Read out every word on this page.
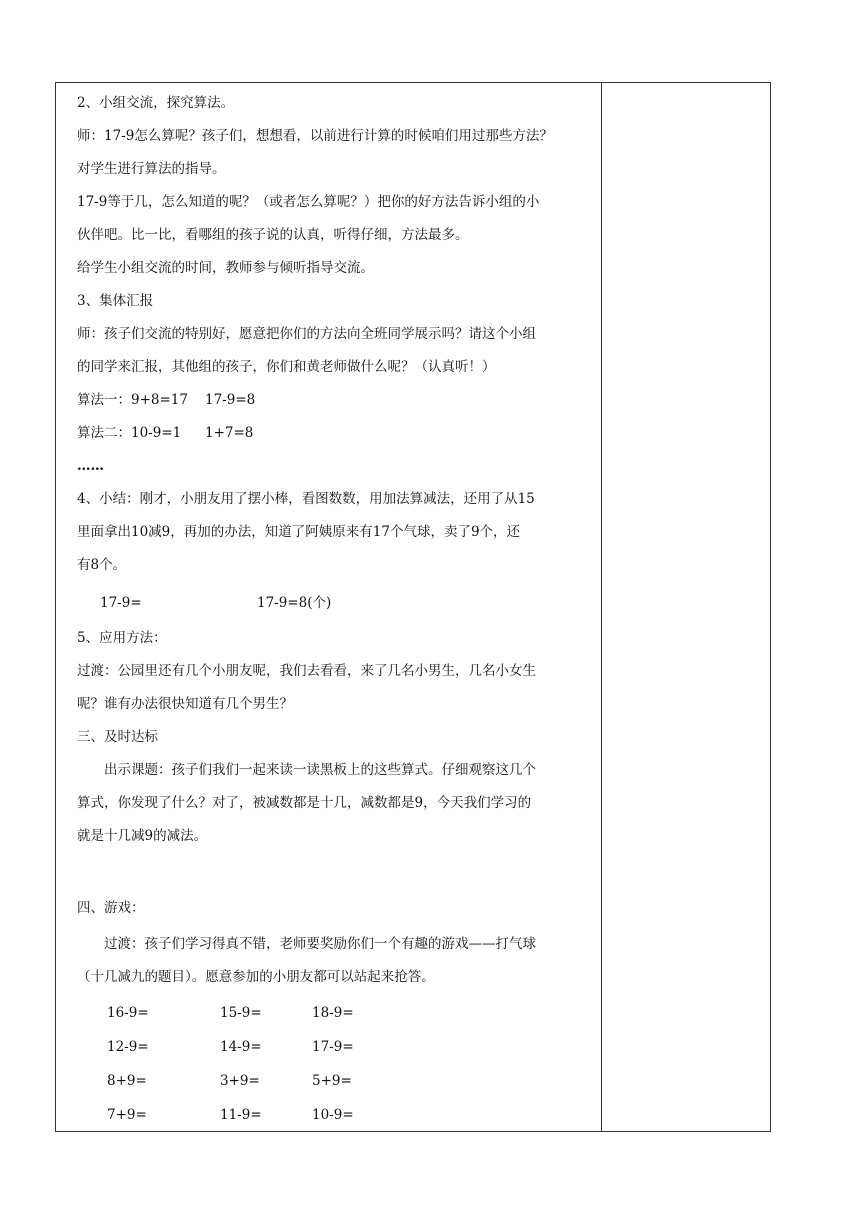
2、小组交流，探究算法。
师：17-9怎么算呢？孩子们，想想看，以前进行计算的时候咱们用过那些方法？
对学生进行算法的指导。
17-9等于几，怎么知道的呢？（或者怎么算呢？）把你的好方法告诉小组的小
伙伴吧。比一比，看哪组的孩子说的认真，听得仔细，方法最多。
给学生小组交流的时间，教师参与倾听指导交流。
3、集体汇报
师：孩子们交流的特别好，愿意把你们的方法向全班同学展示吗？请这个小组
的同学来汇报，其他组的孩子，你们和黄老师做什么呢？（认真听！）
算法一：9+8=17 17-9=8
算法二：10-9=1 1+7=8
……
4、小结：刚才，小朋友用了摆小棒，看图数数，用加法算减法，还用了从15
里面拿出10减9，再加的办法，知道了阿姨原来有17个气球，卖了9个，还
有8个。
17-9=	17-9=8(个)
5、应用方法：
过渡：公园里还有几个小朋友呢，我们去看看，来了几名小男生，几名小女生
呢？谁有办法很快知道有几个男生？
三、及时达标
出示课题：孩子们我们一起来读一读黑板上的这些算式。仔细观察这几个
算式，你发现了什么？对了，被减数都是十几，减数都是9，今天我们学习的
就是十几减9的减法。
四、游戏：
过渡：孩子们学习得真不错，老师要奖励你们一个有趣的游戏——打气球
（十几减九的题目）。愿意参加的小朋友都可以站起来抢答。
16-9=	15-9=	18-9=
12-9=	14-9=	17-9=
8+9=	3+9=	5+9=
7+9=	11-9=	10-9=
